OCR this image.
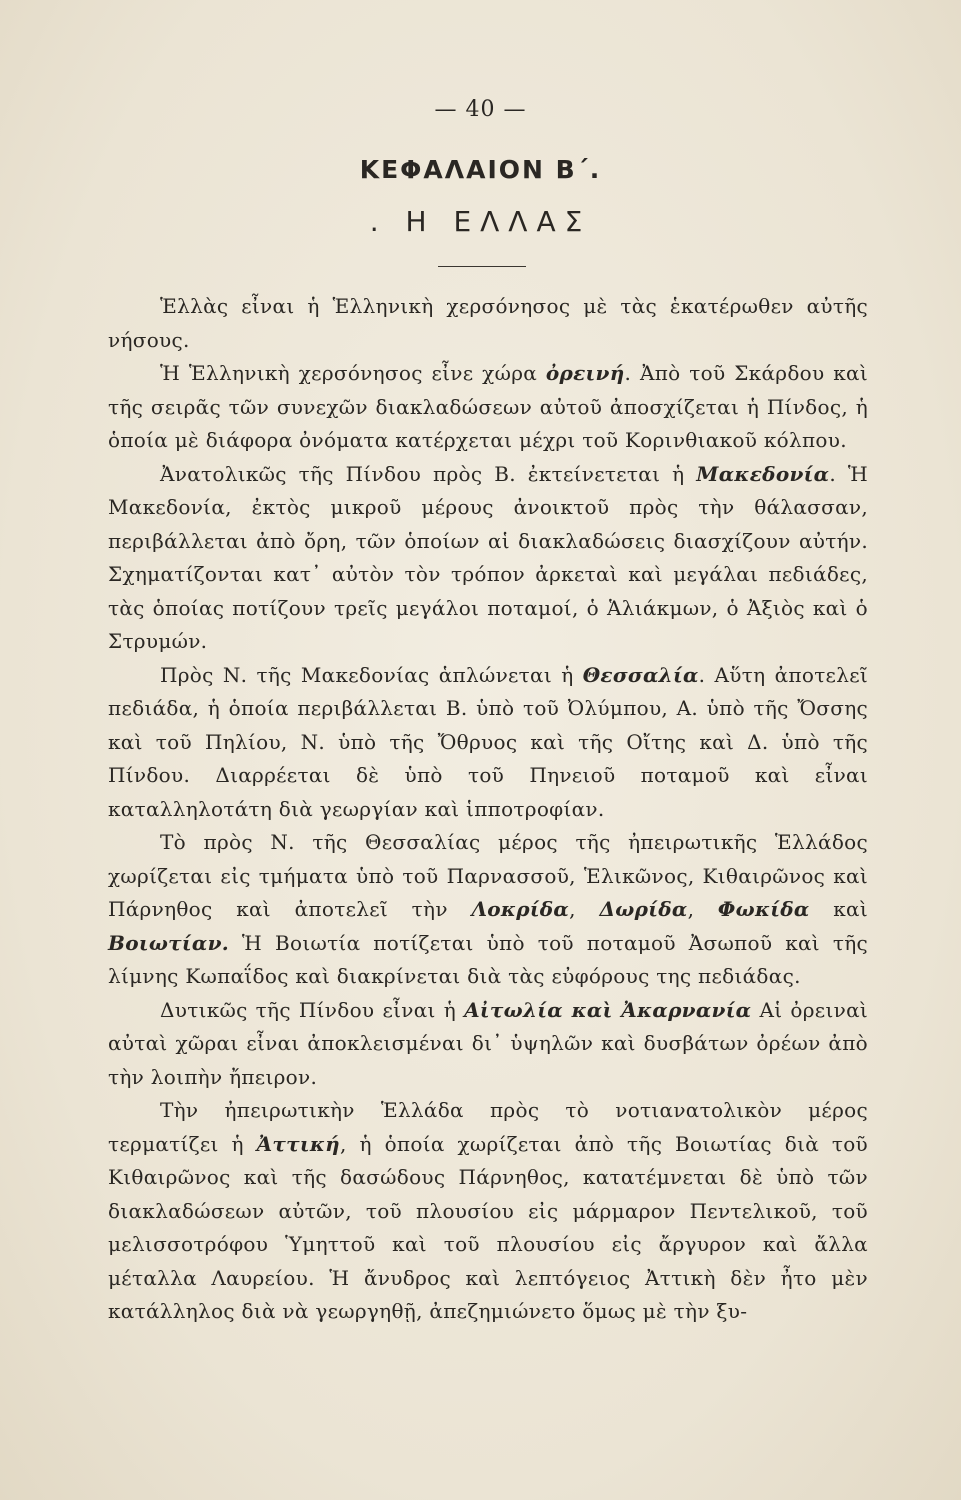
— 40 —
ΚΕΦΑΛΑΙΟΝ Β΄.
. Η ΕΛΛΑΣ

Ἑλλὰς εἶναι ἡ Ἑλληνικὴ χερσόνησος μὲ τὰς ἑκατέρωθεν αὐτῆς νήσους.

Ἡ Ἑλληνικὴ χερσόνησος εἶνε χώρα ὀρεινή. Ἀπὸ τοῦ Σκάρδου καὶ τῆς σειρᾶς τῶν συνεχῶν διακλαδώσεων αὐτοῦ ἀποσχίζεται ἡ Πίνδος, ἡ ὁποία μὲ διάφορα ὀνόματα κατέρχεται μέχρι τοῦ Κορινθιακοῦ κόλπου.

Ἀνατολικῶς τῆς Πίνδου πρὸς Β. ἐκτείνετεται ἡ Μακεδονία. Ἡ Μακεδονία, ἐκτὸς μικροῦ μέρους ἀνοικτοῦ πρὸς τὴν θάλασσαν, περιβάλλεται ἀπὸ ὄρη, τῶν ὁποίων αἱ διακλαδώσεις διασχίζουν αὐτήν. Σχηματίζονται κατ᾽ αὐτὸν τὸν τρόπον ἀρκεταὶ καὶ μεγάλαι πεδιάδες, τὰς ὁποίας ποτίζουν τρεῖς μεγάλοι ποταμοί, ὁ Ἁλιάκμων, ὁ Ἀξιὸς καὶ ὁ Στρυμών.

Πρὸς Ν. τῆς Μακεδονίας ἁπλώνεται ἡ Θεσσαλία. Αὕτη ἀποτελεῖ πεδιάδα, ἡ ὁποία περιβάλλεται Β. ὑπὸ τοῦ Ὀλύμπου, Α. ὑπὸ τῆς Ὄσσης καὶ τοῦ Πηλίου, Ν. ὑπὸ τῆς Ὄθρυος καὶ τῆς Οἴτης καὶ Δ. ὑπὸ τῆς Πίνδου. Διαρρέεται δὲ ὑπὸ τοῦ Πηνειοῦ ποταμοῦ καὶ εἶναι καταλληλοτάτη διὰ γεωργίαν καὶ ἱπποτροφίαν.

Τὸ πρὸς Ν. τῆς Θεσσαλίας μέρος τῆς ἠπειρωτικῆς Ἑλλάδος χωρίζεται εἰς τμήματα ὑπὸ τοῦ Παρνασσοῦ, Ἑλικῶνος, Κιθαιρῶνος καὶ Πάρνηθος καὶ ἀποτελεῖ τὴν Λοκρίδα, Δωρίδα, Φωκίδα καὶ Βοιωτίαν. Ἡ Βοιωτία ποτίζεται ὑπὸ τοῦ ποταμοῦ Ἀσωποῦ καὶ τῆς λίμνης Κωπαΐδος καὶ διακρίνεται διὰ τὰς εὐφόρους της πεδιάδας.

Δυτικῶς τῆς Πίνδου εἶναι ἡ Αἰτωλία καὶ Ἀκαρνανία Αἱ ὀρειναὶ αὐταὶ χῶραι εἶναι ἀποκλεισμέναι δι᾽ ὑψηλῶν καὶ δυσβάτων ὀρέων ἀπὸ τὴν λοιπὴν ἤπειρον.

Τὴν ἠπειρωτικὴν Ἑλλάδα πρὸς τὸ νοτιανατολικὸν μέρος τερματίζει ἡ Ἀττική, ἡ ὁποία χωρίζεται ἀπὸ τῆς Βοιωτίας διὰ τοῦ Κιθαιρῶνος καὶ τῆς δασώδους Πάρνηθος, κατατέμνεται δὲ ὑπὸ τῶν διακλαδώσεων αὐτῶν, τοῦ πλουσίου εἰς μάρμαρον Πεντελικοῦ, τοῦ μελισσοτρόφου Ὑμηττοῦ καὶ τοῦ πλουσίου εἰς ἄργυρον καὶ ἄλλα μέταλλα Λαυρείου. Ἡ ἄνυδρος καὶ λεπτόγειος Ἀττικὴ δὲν ἦτο μὲν κατάλληλος διὰ νὰ γεωργηθῇ, ἀπεζημιώνετο ὅμως μὲ τὴν ξυ-
